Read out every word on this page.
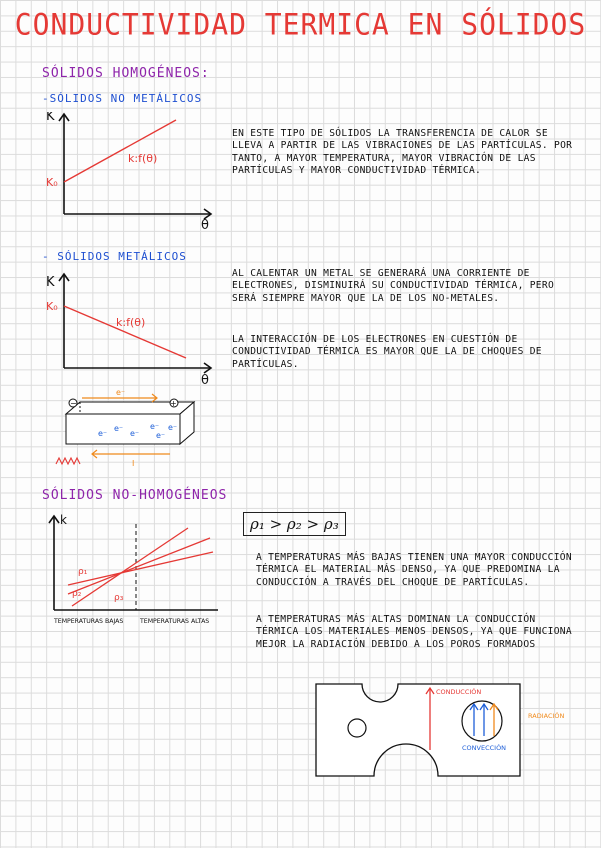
CONDUCTIVIDAD TERMICA EN SÓLIDOS
SÓLIDOS HOMOGÉNEOS:
-SÓLIDOS NO METÁLICOS
K
θ
K₀
k:f(θ)
EN ESTE TIPO DE SÓLIDOS LA TRANSFERENCIA DE CALOR SE LLEVA A PARTIR DE LAS VIBRACIONES DE LAS PARTÍCULAS. POR TANTO, A MAYOR TEMPERATURA, MAYOR VIBRACIÓN DE LAS PARTÍCULAS Y MAYOR CONDUCTIVIDAD TÉRMICA.
- SÓLIDOS METÁLICOS
K
θ
K₀
k:f(θ)
AL CALENTAR UN METAL SE GENERARÁ UNA CORRIENTE DE ELECTRONES, DISMINUIRÁ SU CONDUCTIVIDAD TÉRMICA, PERO SERÁ SIEMPRE MAYOR QUE LA DE LOS NO-METALES.
LA INTERACCIÓN DE LOS ELECTRONES EN CUESTIÓN DE CONDUCTIVIDAD TÉRMICA ES MAYOR QUE LA DE CHOQUES DE PARTÍCULAS.
−	+
e⁻
e⁻
e⁻
e⁻
e⁻
e⁻
e⁻
I
SÓLIDOS NO-HOMOGÉNEOS
k
ρ₁
ρ₂	ρ₃
TEMPERATURAS BAJAS	TEMPERATURAS ALTAS
ρ₁ > ρ₂ > ρ₃
A TEMPERATURAS MÁS BAJAS TIENEN UNA MAYOR CONDUCCIÓN TÉRMICA EL MATERIAL MÁS DENSO, YA QUE PREDOMINA LA CONDUCCIÓN A TRAVÉS DEL CHOQUE DE PARTÍCULAS.
A TEMPERATURAS MÁS ALTAS DOMINAN LA CONDUCCIÓN TÉRMICA LOS MATERIALES MENOS DENSOS, YA QUE FUNCIONA MEJOR LA RADIACIÓN DEBIDO A LOS POROS FORMADOS
CONDUCCIÓN
CONVECCIÓN
RADIACIÓN
